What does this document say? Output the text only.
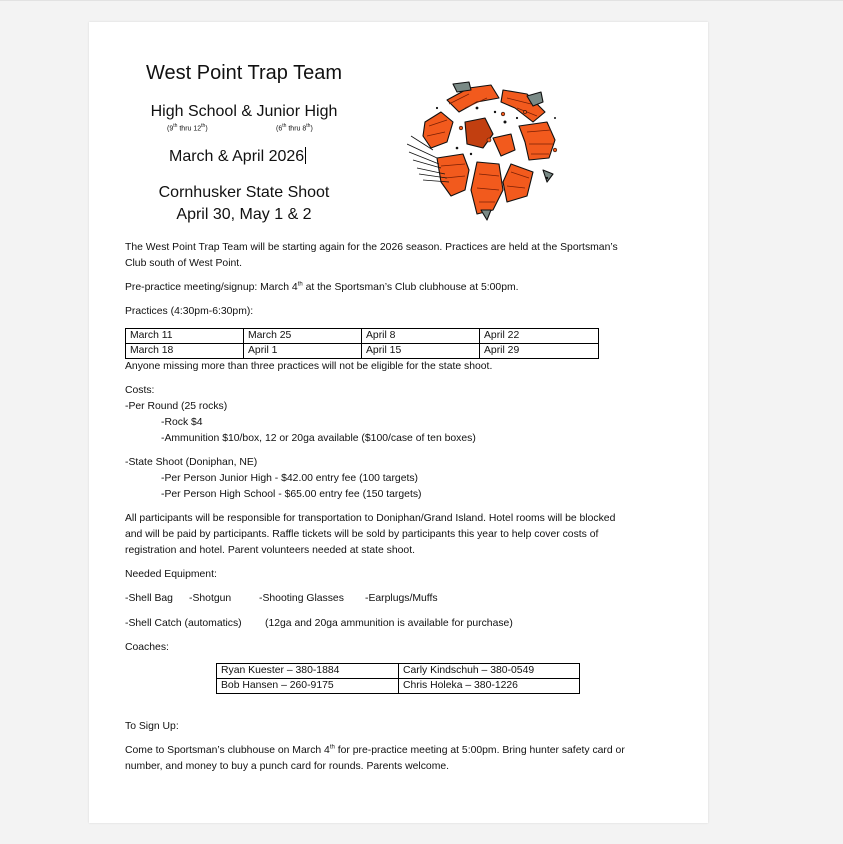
West Point Trap Team
High School & Junior High
(9th thru 12th)	(6th thru 8th)
March & April 2026
Cornhusker State Shoot
April 30, May 1 & 2
The West Point Trap Team will be starting again for the 2026 season. Practices are held at the Sportsman’s
Club south of West Point.
Pre-practice meeting/signup: March 4th at the Sportsman’s Club clubhouse at 5:00pm.
Practices (4:30pm-6:30pm):
March 11	March 25	April 8	April 22
March 18	April 1	April 15	April 29
Anyone missing more than three practices will not be eligible for the state shoot.
Costs:
-Per Round (25 rocks)
-Rock $4
-Ammunition $10/box, 12 or 20ga available ($100/case of ten boxes)
-State Shoot (Doniphan, NE)
-Per Person Junior High - $42.00 entry fee (100 targets)
-Per Person High School - $65.00 entry fee (150 targets)
All participants will be responsible for transportation to Doniphan/Grand Island. Hotel rooms will be blocked
and will be paid by participants. Raffle tickets will be sold by participants this year to help cover costs of
registration and hotel. Parent volunteers needed at state shoot.
Needed Equipment:
-Shell Bag -Shotgun	-Shooting Glasses -Earplugs/Muffs
-Shell Catch (automatics) (12ga and 20ga ammunition is available for purchase)
Coaches:
Ryan Kuester – 380-1884	Carly Kindschuh – 380-0549
Bob Hansen – 260-9175	Chris Holeka – 380-1226
To Sign Up:
Come to Sportsman’s clubhouse on March 4th for pre-practice meeting at 5:00pm. Bring hunter safety card or
number, and money to buy a punch card for rounds. Parents welcome.
